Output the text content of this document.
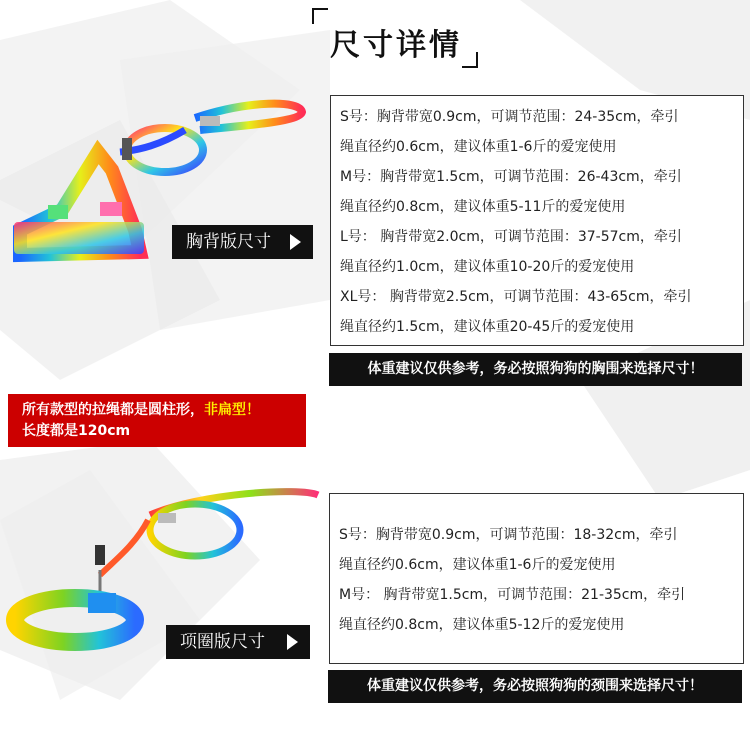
尺寸详情
胸背版尺寸

S号：胸背带宽0.9cm，可调节范围：24-35cm，牵引

绳直径约0.6cm，建议体重1-6斤的爱宠使用

M号：胸背带宽1.5cm，可调节范围：26-43cm，牵引

绳直径约0.8cm，建议体重5-11斤的爱宠使用

L号： 胸背带宽2.0cm，可调节范围：37-57cm，牵引

绳直径约1.0cm，建议体重10-20斤的爱宠使用

XL号： 胸背带宽2.5cm，可调节范围：43-65cm，牵引

绳直径约1.5cm，建议体重20-45斤的爱宠使用

体重建议仅供参考，务必按照狗狗的胸围来选择尺寸！
所有款型的拉绳都是圆柱形，非扁型！
长度都是120cm
项圈版尺寸

S号：胸背带宽0.9cm，可调节范围：18-32cm，牵引

绳直径约0.6cm，建议体重1-6斤的爱宠使用

M号： 胸背带宽1.5cm，可调节范围：21-35cm，牵引

绳直径约0.8cm，建议体重5-12斤的爱宠使用

体重建议仅供参考，务必按照狗狗的颈围来选择尺寸！
